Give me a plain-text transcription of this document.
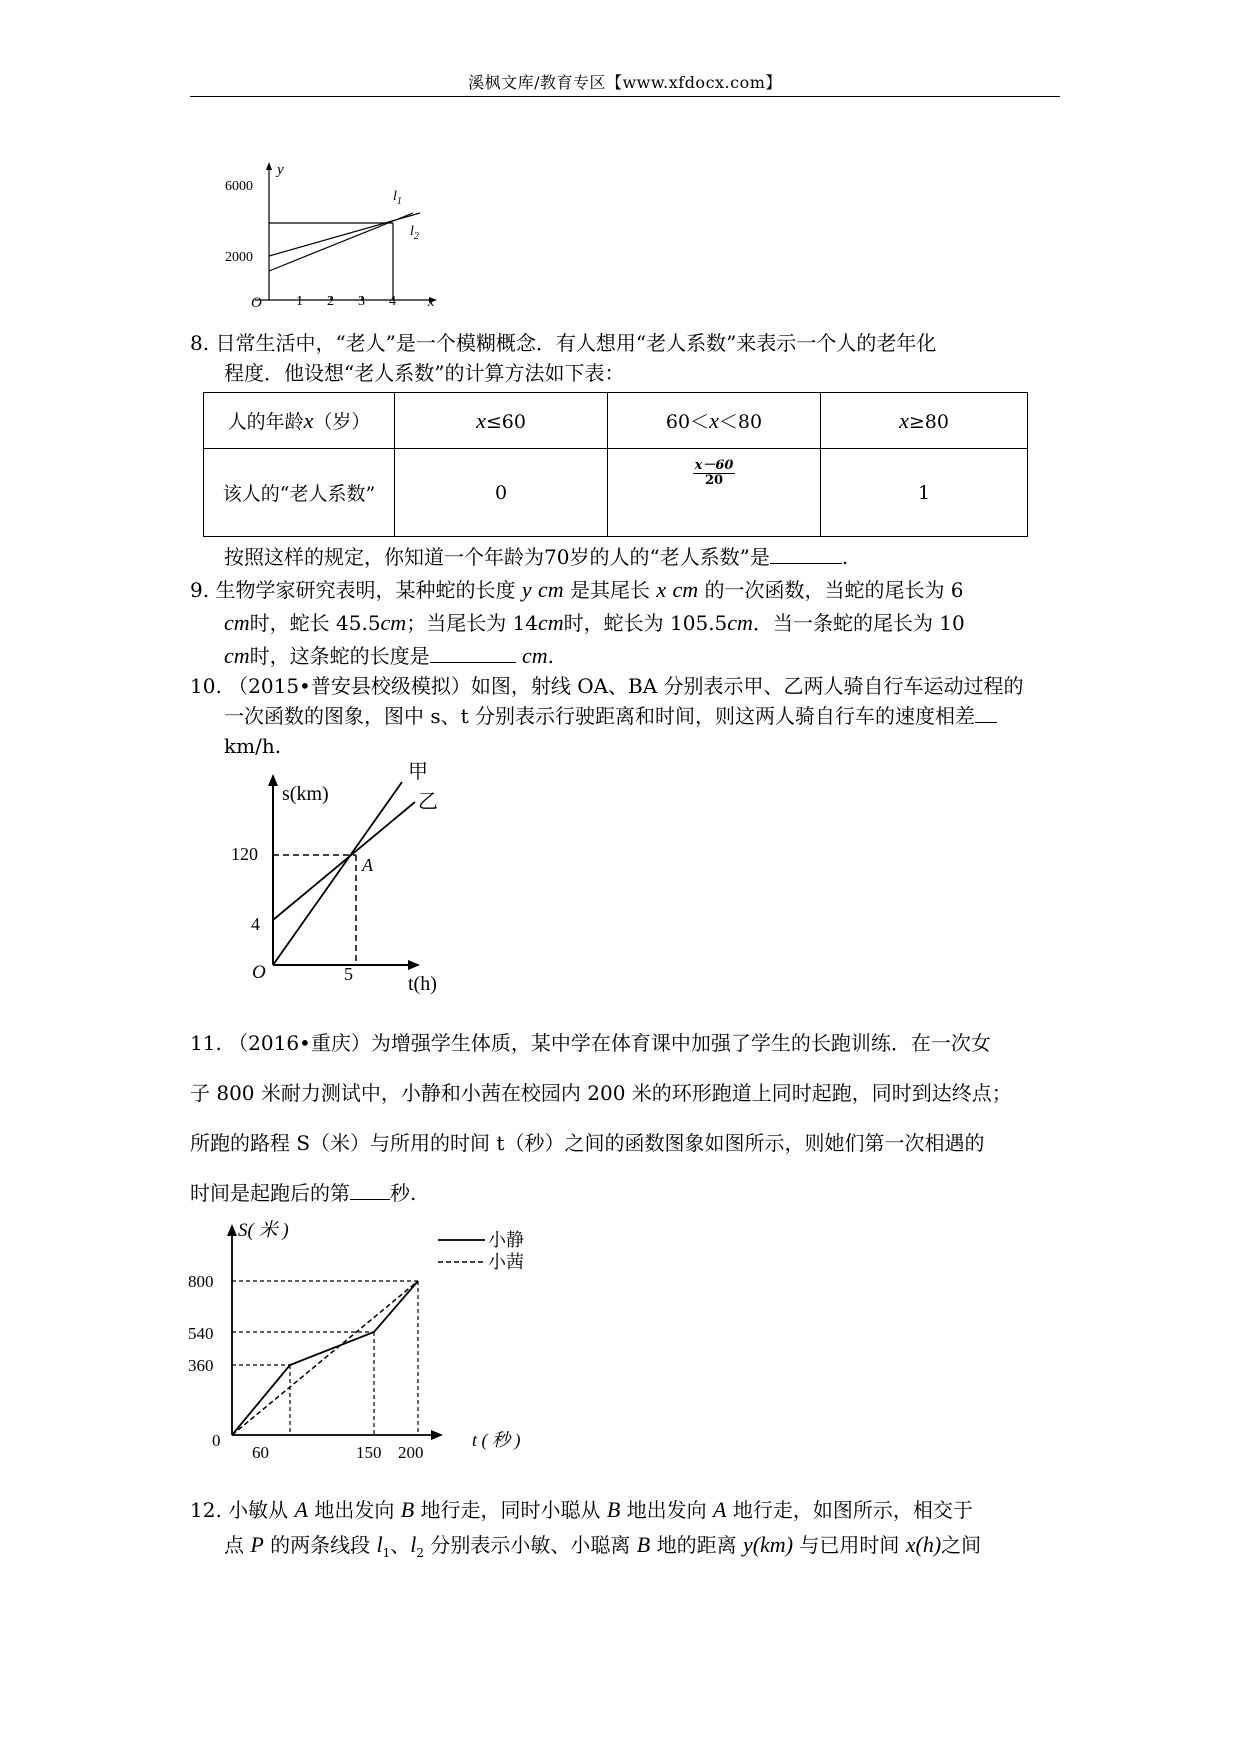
溪枫文库/教育专区【www.xfdocx.com】
y
x
O
6000
2000
$l_1$
$l_2$
1 2 3 4

8. 日常生活中，“老人”是一个模糊概念．有人想用“老人系数”来表示一个人的老年化

程度．他设想“老人系数”的计算方法如下表：

人的年龄x（岁）	x≤60	60＜x＜80	x≥80
该人的“老人系数”	0	$\frac{x-60}{20}$	1

按照这样的规定，你知道一个年龄为70岁的人的“老人系数”是	.

9. 生物学家研究表明，某种蛇的长度 y cm 是其尾长 x cm 的一次函数，当蛇的尾长为 6

cm时，蛇长 45.5cm；当尾长为 14cm时，蛇长为 105.5cm．当一条蛇的尾长为 10

cm时，这条蛇的长度是	cm.

10. （2015•普安县校级模拟）如图，射线 OA、BA 分别表示甲、乙两人骑自行车运动过程的

一次函数的图象，图中 s、t 分别表示行驶距离和时间，则这两人骑自行车的速度相差

km/h.

s(km)
t(h)
O
120
4
5
A
甲
乙

11. （2016•重庆）为增强学生体质，某中学在体育课中加强了学生的长跑训练．在一次女

子 800 米耐力测试中，小静和小茜在校园内 200 米的环形跑道上同时起跑，同时到达终点；

所跑的路程 S（米）与所用的时间 t（秒）之间的函数图象如图所示，则她们第一次相遇的

时间是起跑后的第 秒.

S( 米 )
t ( 秒 )
0
800
540
360
60	150 200
小静
小茜

12. 小敏从 A 地出发向 B 地行走，同时小聪从 B 地出发向 A 地行走，如图所示，相交于

点 P 的两条线段 $l_1$、$l_2$ 分别表示小敏、小聪离 B 地的距离 y(km) 与已用时间 x(h)之间
